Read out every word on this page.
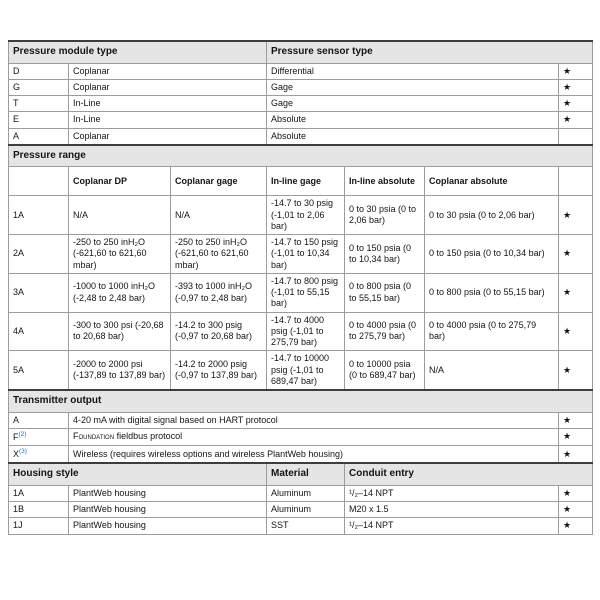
Pressure module type			Pressure sensor type			
D	Coplanar		Differential			★
G	Coplanar		Gage			★
T	In-Line		Gage			★
E	In-Line		Absolute			★
A	Coplanar		Absolute			
Pressure range						
	Coplanar DP	Coplanar gage	In-line gage	In-line absolute	Coplanar absolute	
1A	N/A	N/A	-14.7 to 30 psig (-1,01 to 2,06 bar)	0 to 30 psia (0 to 2,06 bar)	0 to 30 psia (0 to 2,06 bar)	★
2A	-250 to 250 inH₂O (-621,60 to 621,60 mbar)	-250 to 250 inH₂O (-621,60 to 621,60 mbar)	-14.7 to 150 psig (-1,01 to 10,34 bar)	0 to 150 psia (0 to 10,34 bar)	0 to 150 psia (0 to 10,34 bar)	★
3A	-1000 to 1000 inH₂O (-2,48 to 2,48 bar)	-393 to 1000 inH₂O (-0,97 to 2,48 bar)	-14.7 to 800 psig (-1,01 to 55,15 bar)	0 to 800 psia (0 to 55,15 bar)	0 to 800 psia (0 to 55,15 bar)	★
4A	-300 to 300 psi (-20,68 to 20,68 bar)	-14.2 to 300 psig (-0,97 to 20,68 bar)	-14.7 to 4000 psig (-1,01 to 275,79 bar)	0 to 4000 psia (0 to 275,79 bar)	0 to 4000 psia (0 to 275,79 bar)	★
5A	-2000 to 2000 psi (-137,89 to 137,89 bar)	-14.2 to 2000 psig (-0,97 to 137,89 bar)	-14.7 to 10000 psig (-1,01 to 689,47 bar)	0 to 10000 psia (0 to 689,47 bar)	N/A	★
Transmitter output						
A	4-20 mA with digital signal based on HART protocol					★
F$^{(2)}$	Foundation fieldbus protocol					★
X$^{(3)}$	Wireless (requires wireless options and wireless PlantWeb housing)					★
Housing style			Material	Conduit entry		
1A	PlantWeb housing		Aluminum	¹/₂–14 NPT		★
1B	PlantWeb housing		Aluminum	M20 x 1.5		★
1J	PlantWeb housing		SST	¹/₂–14 NPT		★
